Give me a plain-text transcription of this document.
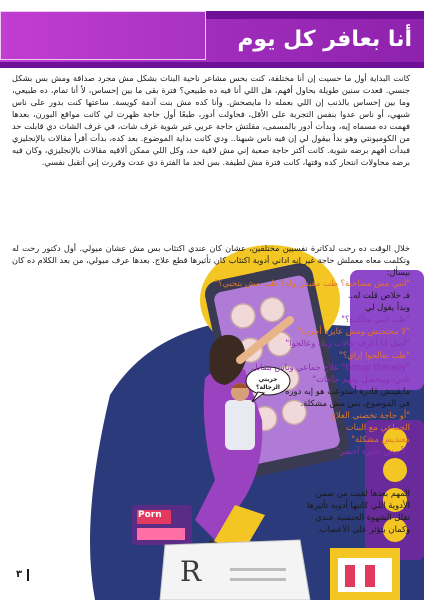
أنا بعافر كل يوم
كانت البداية أول ما حسيت إن أنا مختلفة، كنت بحس مشاعر ناحية البنات بشكل مش مجرد صداقة ومش بس بشكل جنسي. قعدت سنين طويلة بحاول أفهم، هل اللي أنا فيه ده طبيعي؟ فترة بقى ما بين إحساس، لأ أنا تمام، ده طبيعي، وما بين إحساس بالذنب إن اللي بعمله دا مايصحش. وأنا كده مش بنت آدمة كويسة. ساعتها كنت بدور على ناس شبهي، أو ناس عدوا بنفس التجربة على الأقل، فحاولت أدور، طبعًا أول حاجة ظهرت لي كانت مواقع البورن، بعدها فهمت ده مسماه إيه، وبدأت أدور بالمسمى، مقلتش حاجة عربي غير شوية غرف شات، في غرف الشات دي قابلت حد من الكوميونتي وهو بدأ بيقول لي إن فيه ناس شبهنا.. ودي كانت بداية الموضوع. بعد كده، بدأت أقرأ مقالات بالإنجليزي فبدأت أفهم برضه شوية. كانت أكتر حاجة صعبة إني مش لاقية حد، وكل اللي ممكن ألاقيه مقالات بالإنجليزي، وكان فيه برضه محاولات انتحار كده وقتها، كانت فترة مش لطيفة. بس لحد ما الفترة دي عدت وقررت إني أتقبل نفسي.
خلال الوقت ده رحت لدكاترة نفسيين مختلفين، عشان كان عندي اكتئاب بس مش عشان ميولي. أول دكتور رحت له وتكلمت معاه معملش حاجة غير إنه اداني أدوية اكتئاب كان تأثيرها قطع علاج. بعدها عرف ميولي، من بعد الكلام ده كان بيسأل:
"انتي مش مصاحبة؟ طب مفيش ولد؟ طب مش بتحبي؟"
فـ خلاص قلت له..
وبدأ يقول لي
"طب انتي متأكدة؟"
"لا محتجتش ومش عايزة أجرب"
"أصل أنا أعرف حالات زيك وعالجوا"
"طب تعالجوا إزاي؟"
"Group therapy" علاج جماعي وناس بتقابل
ناس، وبيحصل بينهم حاجات"
مابقيتش قادرة أستوعب هو إيه دوره
في الموضوع، بس مش مشكلة.
"أو حاجة تخصني العلاج
الجماعي مع البنات
معنديش مشكلة"
"لأ مش عايزة أحضر"
المهم بعدها لقيت من ضمن الأدوية اللي كانتها أدوية تأثيرها تقلل الشهوة الجنسية عندي وكمان بتؤثر على الأعصاب.
جربتي الرجالة؟
Porn
R
٣
